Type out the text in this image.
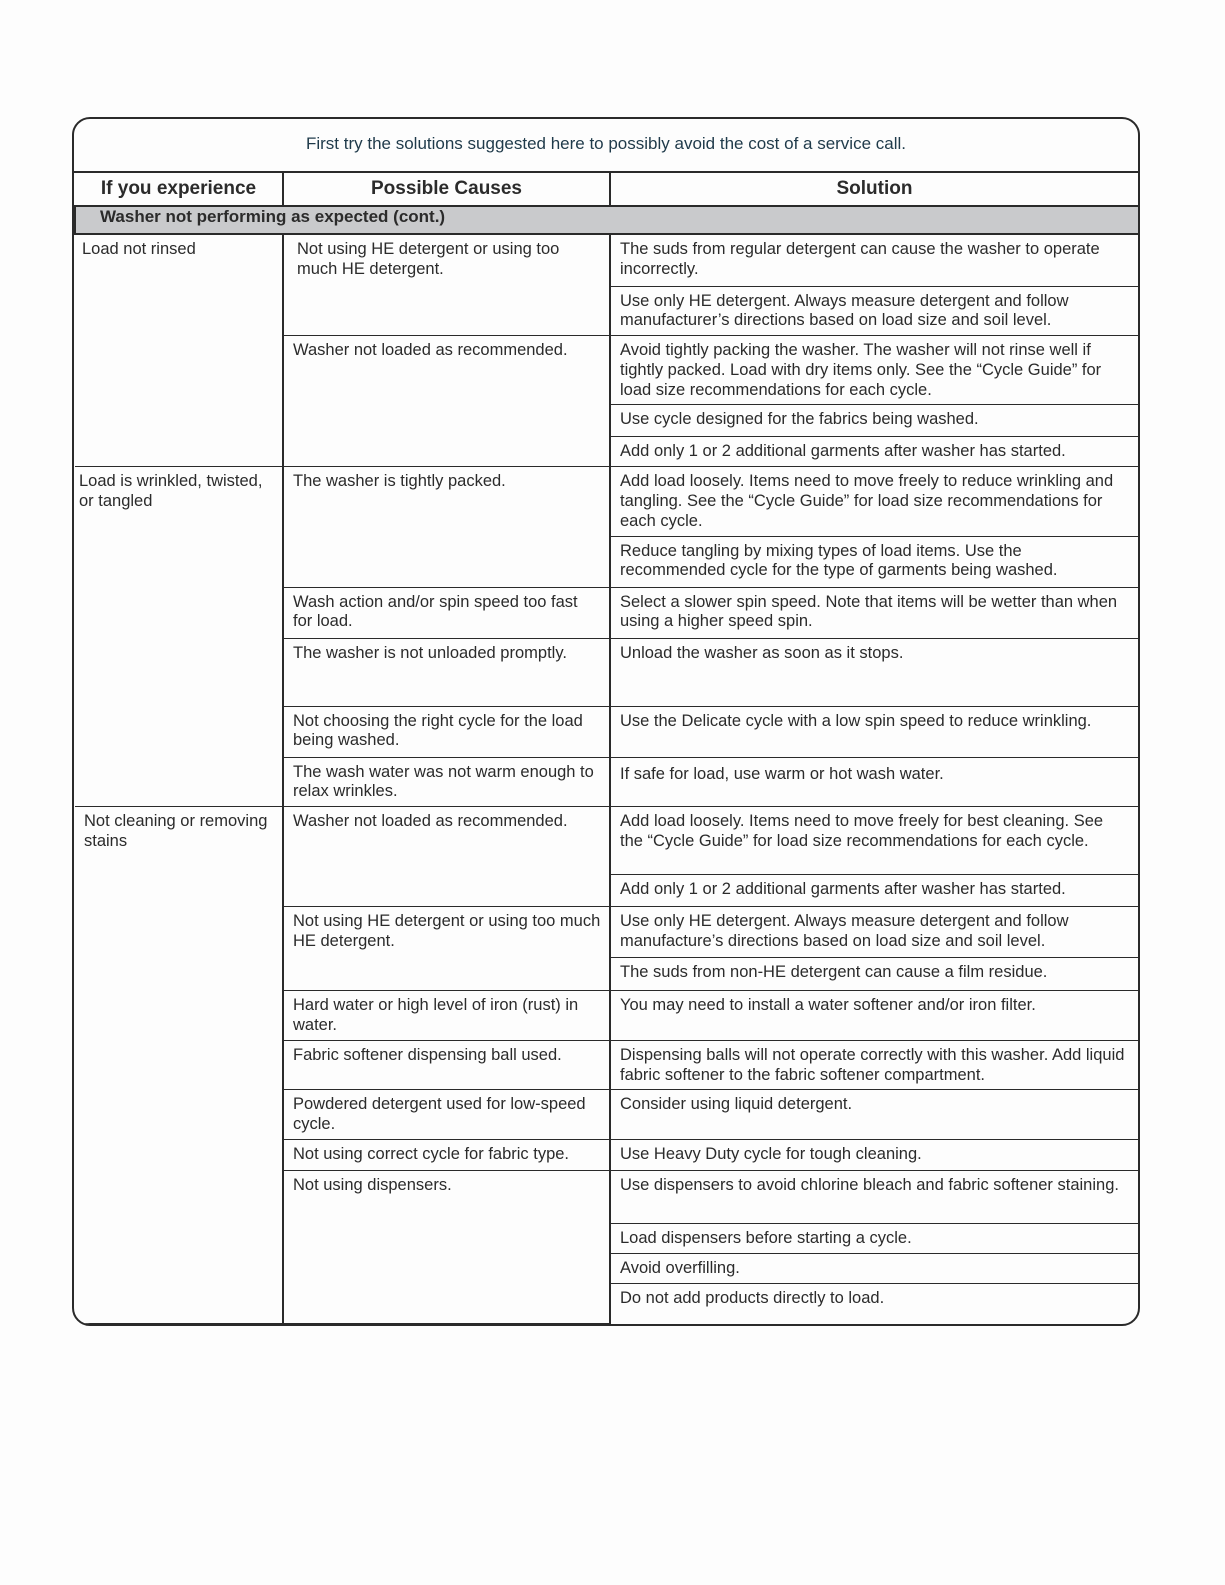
First try the solutions suggested here to possibly avoid the cost of a service call.
If you experience	Possible Causes	Solution
Washer not performing as expected (cont.)		
Load not rinsed	Not using HE detergent or using too much HE detergent.	The suds from regular detergent can cause the washer to operate incorrectly.
		Use only HE detergent. Always measure detergent and follow manufacturer’s directions based on load size and soil level.
	Washer not loaded as recommended.	Avoid tightly packing the washer. The washer will not rinse well if tightly packed. Load with dry items only. See the “Cycle Guide” for load size recommendations for each cycle.
		Use cycle designed for the fabrics being washed.
		Add only 1 or 2 additional garments after washer has started.
Load is wrinkled, twisted, or tangled	The washer is tightly packed.	Add load loosely. Items need to move freely to reduce wrinkling and tangling. See the “Cycle Guide” for load size recommendations for each cycle.
		Reduce tangling by mixing types of load items. Use the recommended cycle for the type of garments being washed.
	Wash action and/or spin speed too fast for load.	Select a slower spin speed. Note that items will be wetter than when using a higher speed spin.
	The washer is not unloaded promptly.	Unload the washer as soon as it stops.
	Not choosing the right cycle for the load being washed.	Use the Delicate cycle with a low spin speed to reduce wrinkling.
	The wash water was not warm enough to relax wrinkles.	If safe for load, use warm or hot wash water.
Not cleaning or removing stains	Washer not loaded as recommended.	Add load loosely. Items need to move freely for best cleaning. See the “Cycle Guide” for load size recommendations for each cycle.
		Add only 1 or 2 additional garments after washer has started.
	Not using HE detergent or using too much HE detergent.	Use only HE detergent. Always measure detergent and follow manufacture’s directions based on load size and soil level.
		The suds from non-HE detergent can cause a film residue.
	Hard water or high level of iron (rust) in water.	You may need to install a water softener and/or iron filter.
	Fabric softener dispensing ball used.	Dispensing balls will not operate correctly with this washer. Add liquid fabric softener to the fabric softener compartment.
	Powdered detergent used for low-speed cycle.	Consider using liquid detergent.
	Not using correct cycle for fabric type.	Use Heavy Duty cycle for tough cleaning.
	Not using dispensers.	Use dispensers to avoid chlorine bleach and fabric softener staining.
		Load dispensers before starting a cycle.
		Avoid overfilling.
		Do not add products directly to load.
